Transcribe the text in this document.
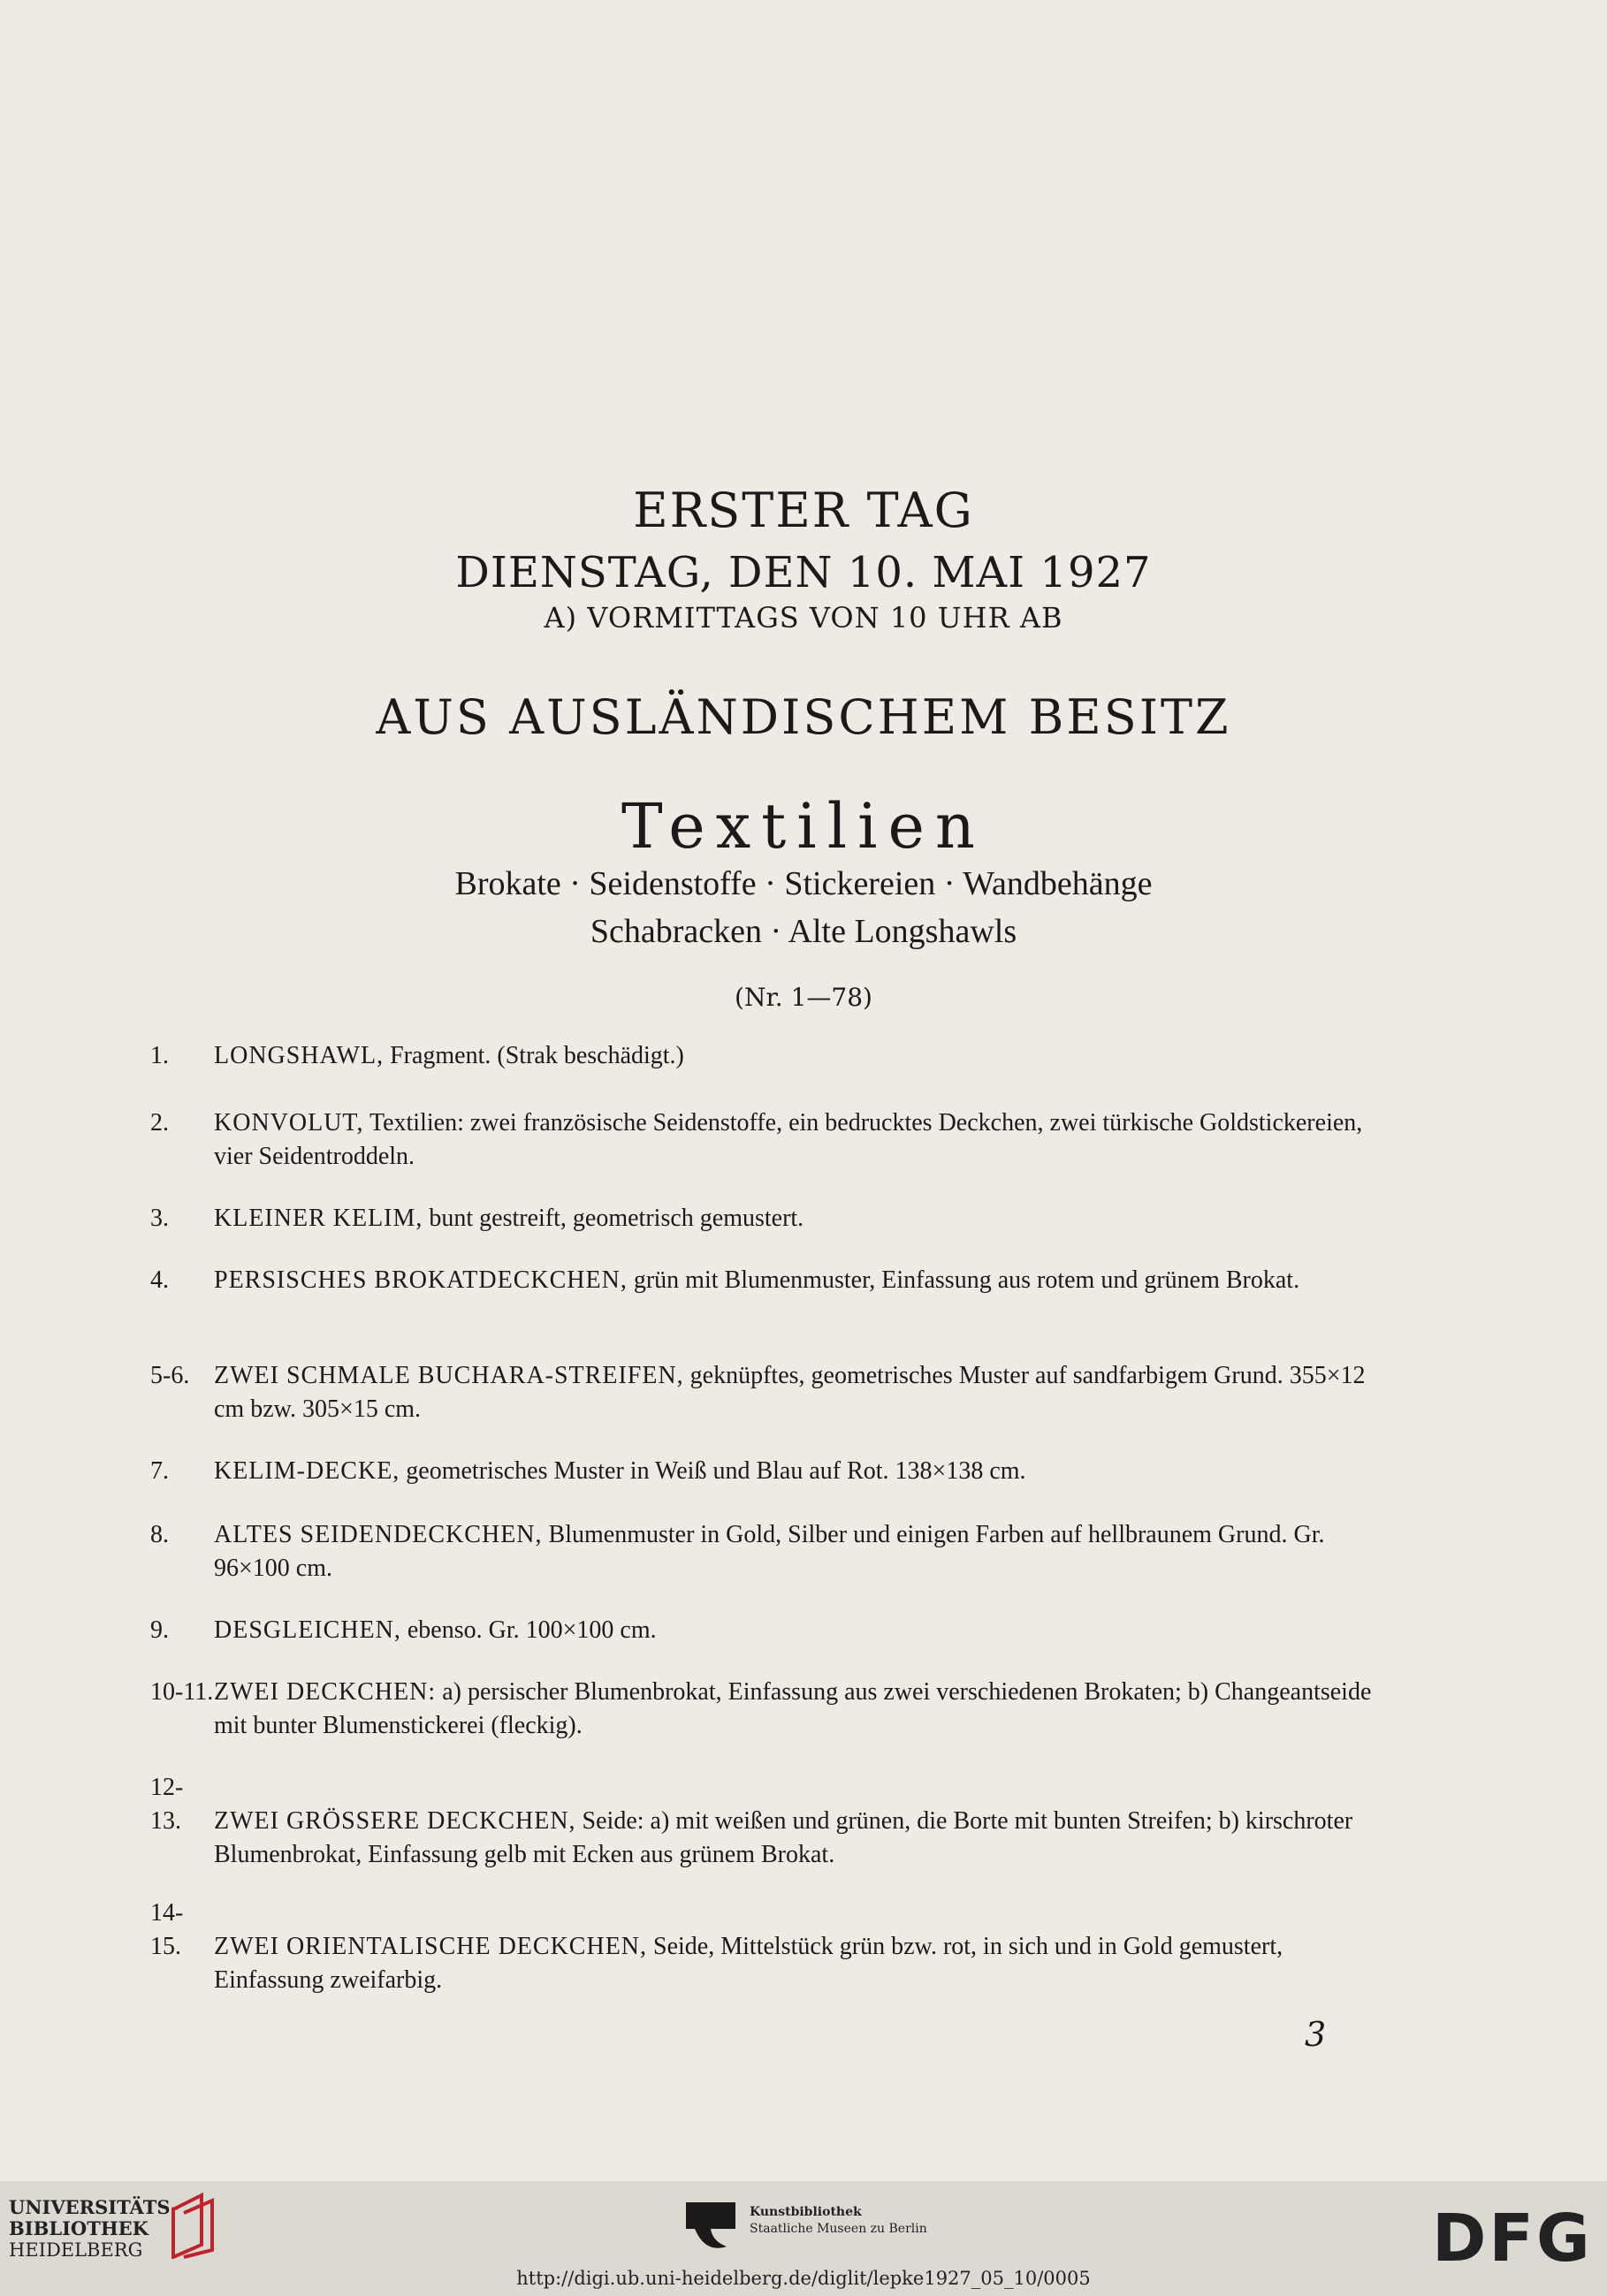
ERSTER TAG
DIENSTAG, DEN 10. MAI 1927
A) VORMITTAGS VON 10 UHR AB
AUS AUSLÄNDISCHEM BESITZ
Textilien
Brokate · Seidenstoffe · Stickereien · Wandbehänge
Schabracken · Alte Longshawls
(Nr. 1—78)
1. LONGSHAWL, Fragment. (Strak beschädigt.)
2. KONVOLUT, Textilien: zwei französische Seidenstoffe, ein bedrucktes Deckchen, zwei türkische Goldstickereien, vier Seidentroddeln.
3. KLEINER KELIM, bunt gestreift, geometrisch gemustert.
4. PERSISCHES BROKATDECKCHEN, grün mit Blumenmuster, Einfassung aus rotem und grünem Brokat.
5-6. ZWEI SCHMALE BUCHARA-STREIFEN, geknüpftes, geometrisches Muster auf sandfarbigem Grund. 355×12 cm bzw. 305×15 cm.
7. KELIM-DECKE, geometrisches Muster in Weiß und Blau auf Rot. 138×138 cm.
8. ALTES SEIDENDECKCHEN, Blumenmuster in Gold, Silber und einigen Farben auf hellbraunem Grund. Gr. 96×100 cm.
9. DESGLEICHEN, ebenso. Gr. 100×100 cm.
10-11.ZWEI DECKCHEN: a) persischer Blumenbrokat, Einfassung aus zwei verschiedenen Brokaten; b) Changeantseide mit bunter Blumenstickerei (fleckig).
12-13. ZWEI GRÖSSERE DECKCHEN, Seide: a) mit weißen und grünen, die Borte mit bunten Streifen; b) kirschroter Blumenbrokat, Einfassung gelb mit Ecken aus grünem Brokat.
14-15. ZWEI ORIENTALISCHE DECKCHEN, Seide, Mittelstück grün bzw. rot, in sich und in Gold gemustert, Einfassung zweifarbig.
3
UNIVERSITÄTS-
BIBLIOTHEK
HEIDELBERG
Kunstbibliothek
Staatliche Museen zu Berlin	DFG
http://digi.ub.uni-heidelberg.de/diglit/lepke1927_05_10/0005
